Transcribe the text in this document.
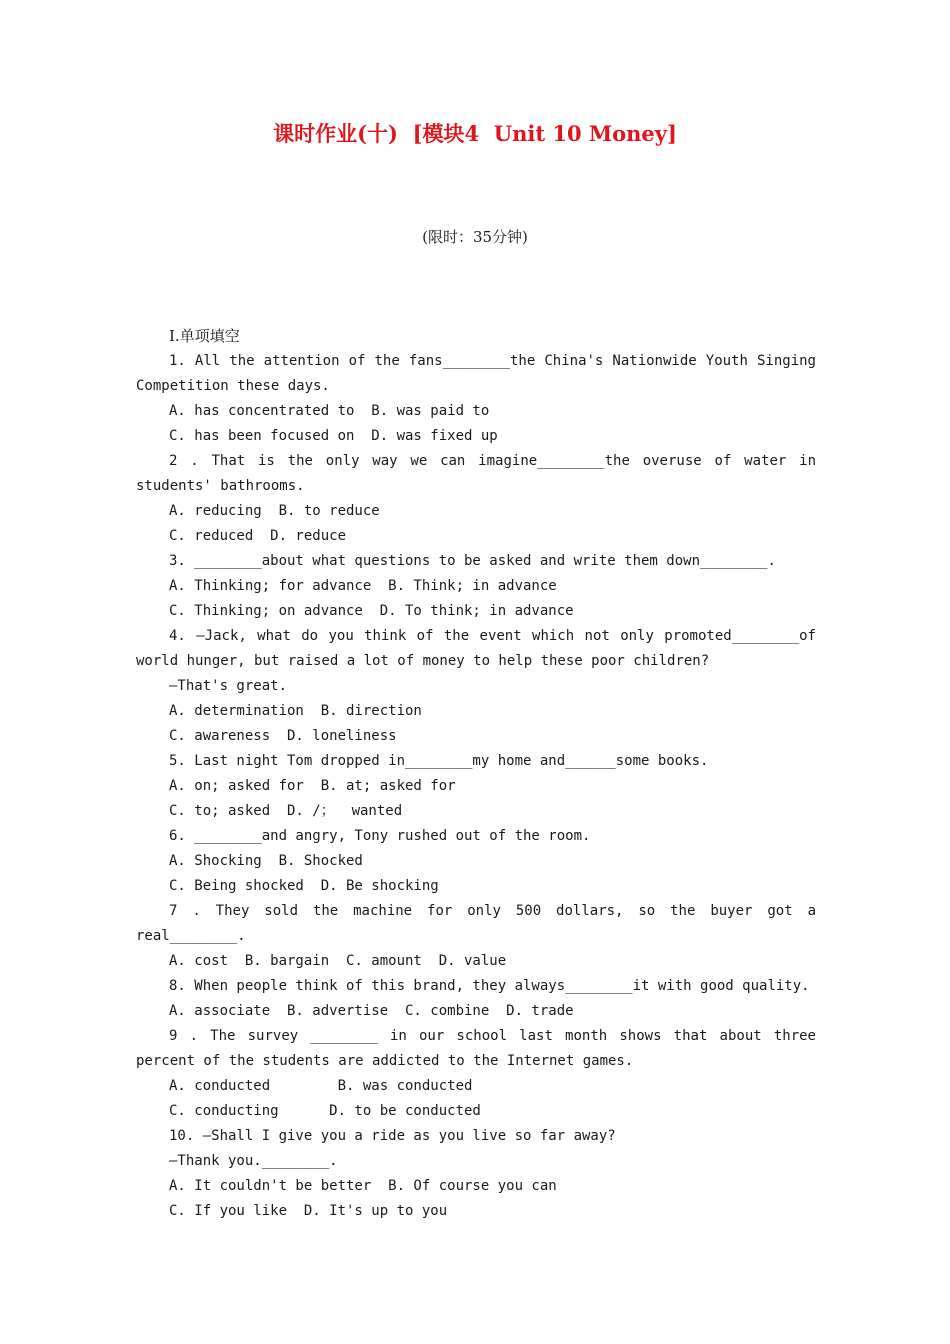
课时作业(十)  [模块4  Unit 10 Money]
(限时：35分钟)
Ⅰ.单项填空
1. All the attention of the fans________the China's Nationwide Youth Singing
Competition these days.
A. has concentrated to  B. was paid to
C. has been focused on  D. was fixed up
2 . That is the only way we can imagine________the overuse of water in
students' bathrooms.
A. reducing  B. to reduce
C. reduced  D. reduce
3. ________about what questions to be asked and write them down________.
A. Thinking; for advance  B. Think; in advance
C. Thinking; on advance  D. To think; in advance
4. —Jack, what do you think of the event which not only promoted________of
world hunger, but raised a lot of money to help these poor children?
—That's great.
A. determination  B. direction
C. awareness  D. loneliness
5. Last night Tom dropped in________my home and______some books.
A. on; asked for  B. at; asked for
C. to; asked  D. /；  wanted
6. ________and angry, Tony rushed out of the room.
A. Shocking  B. Shocked
C. Being shocked  D. Be shocking
7 . They sold the machine for only 500 dollars, so the buyer got a
real________.
A. cost  B. bargain  C. amount  D. value
8. When people think of this brand, they always________it with good quality.
A. associate  B. advertise  C. combine  D. trade
9 . The survey ________ in our school last month shows that about three
percent of the students are addicted to the Internet games.
A. conducted        B. was conducted
C. conducting      D. to be conducted
10. —Shall I give you a ride as you live so far away?
—Thank you.________.
A. It couldn't be better  B. Of course you can
C. If you like  D. It's up to you
